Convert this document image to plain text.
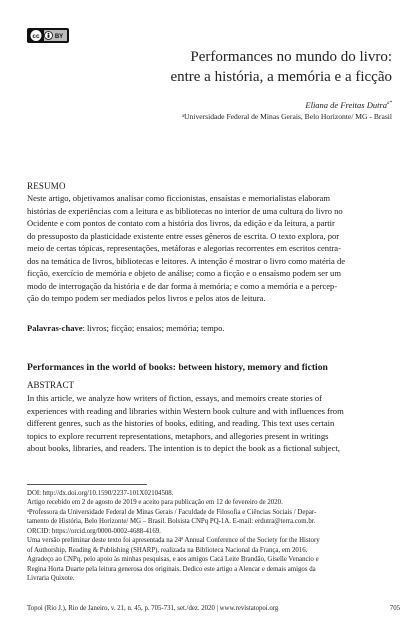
cc	BY
Performances no mundo do livro:
entre a história, a memória e a ficção
Eliana de Freitas Dutra$^{a*}$
ᵃUniversidade Federal de Minas Gerais, Belo Horizonte/ MG - Brasil
RESUMO
Neste artigo, objetivamos analisar como ficcionistas, ensaístas e memorialistas elaboram
histórias de experiências com a leitura e as bibliotecas no interior de uma cultura do livro no
Ocidente e com pontos de contato com a história dos livros, da edição e da leitura, a partir
do pressuposto da plasticidade existente entre esses gêneros de escrita. O texto explora, por
meio de certas tópicas, representações, metáforas e alegorias recorrentes em escritos centra-
dos na temática de livros, bibliotecas e leitores. A intenção é mostrar o livro como matéria de
ficção, exercício de memória e objeto de análise; como a ficção e o ensaísmo podem ser um
modo de interrogação da história e de dar forma à memória; e como a memória e a percep-
ção do tempo podem ser mediados pelos livros e pelos atos de leitura.
Palavras-chave: livros; ficção; ensaios; memória; tempo.
Performances in the world of books: between history, memory and fiction
ABSTRACT
In this article, we analyze how writers of fiction, essays, and memoirs create stories of
experiences with reading and libraries within Western book culture and with influences from
different genres, such as the histories of books, editing, and reading. This text uses certain
topics to explore recurrent representations, metaphors, and allegories present in writings
about books, libraries, and readers. The intention is to depict the book as a fictional subject,

DOI: http://dx.doi.org/10.1590/2237-101X02104508.

Artigo recebido em 2 de agosto de 2019 e aceito para publicação em 12 de fevereiro de 2020.

ᵃProfessora da Universidade Federal de Minas Gerais / Faculdade de Filosofia e Ciências Sociais / Depar-

tamento de História, Belo Horizonte/ MG – Brasil. Bolsista CNPq PQ-1A. E-mail: erdutra@terra.com.br.

ORCID: https://orcid.org/0000-0002-4688-4169.

Uma versão preliminar deste texto foi apresentada na 24ª Annual Conference of the Society for the History

of Authorship, Reading & Publishing (SHARP), realizada na Biblioteca Nacional da França, em 2016.

Agradeço ao CNPq, pelo apoio às minhas pesquisas, e aos amigos Cacá Leite Brandão, Giselle Venancio e

Regina Horta Duarte pela leitura generosa dos originais. Dedico este artigo a Alencar e demais amigos da

Livraria Quixote.

Topoi (Rio J.), Rio de Janeiro, v. 21, n. 45, p. 705-731, set./dez. 2020 | www.revistatopoi.org	705
